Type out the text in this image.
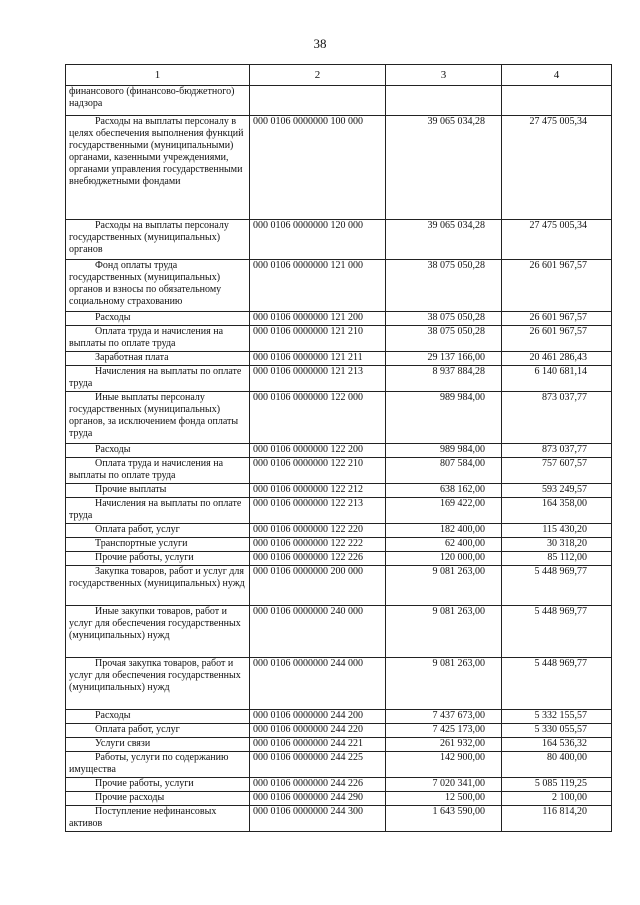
38
1	2	3	4

финансового (финансово-бюджетного) надзора			

Расходы на выплаты персоналу в целях обеспечения выполнения функций государственными (муниципальными) органами, казенными учреждениями, органами управления государственными внебюджетными фондами	000 0106 0000000 100 000	39 065 034,28	27 475 005,34

Расходы на выплаты персоналу государственных (муниципальных) органов	000 0106 0000000 120 000	39 065 034,28	27 475 005,34

Фонд оплаты труда государственных (муниципальных) органов и взносы по обязательному социальному страхованию	000 0106 0000000 121 000	38 075 050,28	26 601 967,57

Расходы	000 0106 0000000 121 200	38 075 050,28	26 601 967,57

Оплата труда и начисления на выплаты по оплате труда	000 0106 0000000 121 210	38 075 050,28	26 601 967,57

Заработная плата	000 0106 0000000 121 211	29 137 166,00	20 461 286,43

Начисления на выплаты по оплате труда	000 0106 0000000 121 213	8 937 884,28	6 140 681,14

Иные выплаты персоналу государственных (муниципальных) органов, за исключением фонда оплаты труда	000 0106 0000000 122 000	989 984,00	873 037,77

Расходы	000 0106 0000000 122 200	989 984,00	873 037,77

Оплата труда и начисления на выплаты по оплате труда	000 0106 0000000 122 210	807 584,00	757 607,57

Прочие выплаты	000 0106 0000000 122 212	638 162,00	593 249,57

Начисления на выплаты по оплате труда	000 0106 0000000 122 213	169 422,00	164 358,00

Оплата работ, услуг	000 0106 0000000 122 220	182 400,00	115 430,20

Транспортные услуги	000 0106 0000000 122 222	62 400,00	30 318,20

Прочие работы, услуги	000 0106 0000000 122 226	120 000,00	85 112,00

Закупка товаров, работ и услуг для государственных (муниципальных) нужд	000 0106 0000000 200 000	9 081 263,00	5 448 969,77

Иные закупки товаров, работ и услуг для обеспечения государственных (муниципальных) нужд	000 0106 0000000 240 000	9 081 263,00	5 448 969,77

Прочая закупка товаров, работ и услуг для обеспечения государственных (муниципальных) нужд	000 0106 0000000 244 000	9 081 263,00	5 448 969,77

Расходы	000 0106 0000000 244 200	7 437 673,00	5 332 155,57

Оплата работ, услуг	000 0106 0000000 244 220	7 425 173,00	5 330 055,57

Услуги связи	000 0106 0000000 244 221	261 932,00	164 536,32

Работы, услуги по содержанию имущества	000 0106 0000000 244 225	142 900,00	80 400,00

Прочие работы, услуги	000 0106 0000000 244 226	7 020 341,00	5 085 119,25

Прочие расходы	000 0106 0000000 244 290	12 500,00	2 100,00

Поступление нефинансовых активов	000 0106 0000000 244 300	1 643 590,00	116 814,20
